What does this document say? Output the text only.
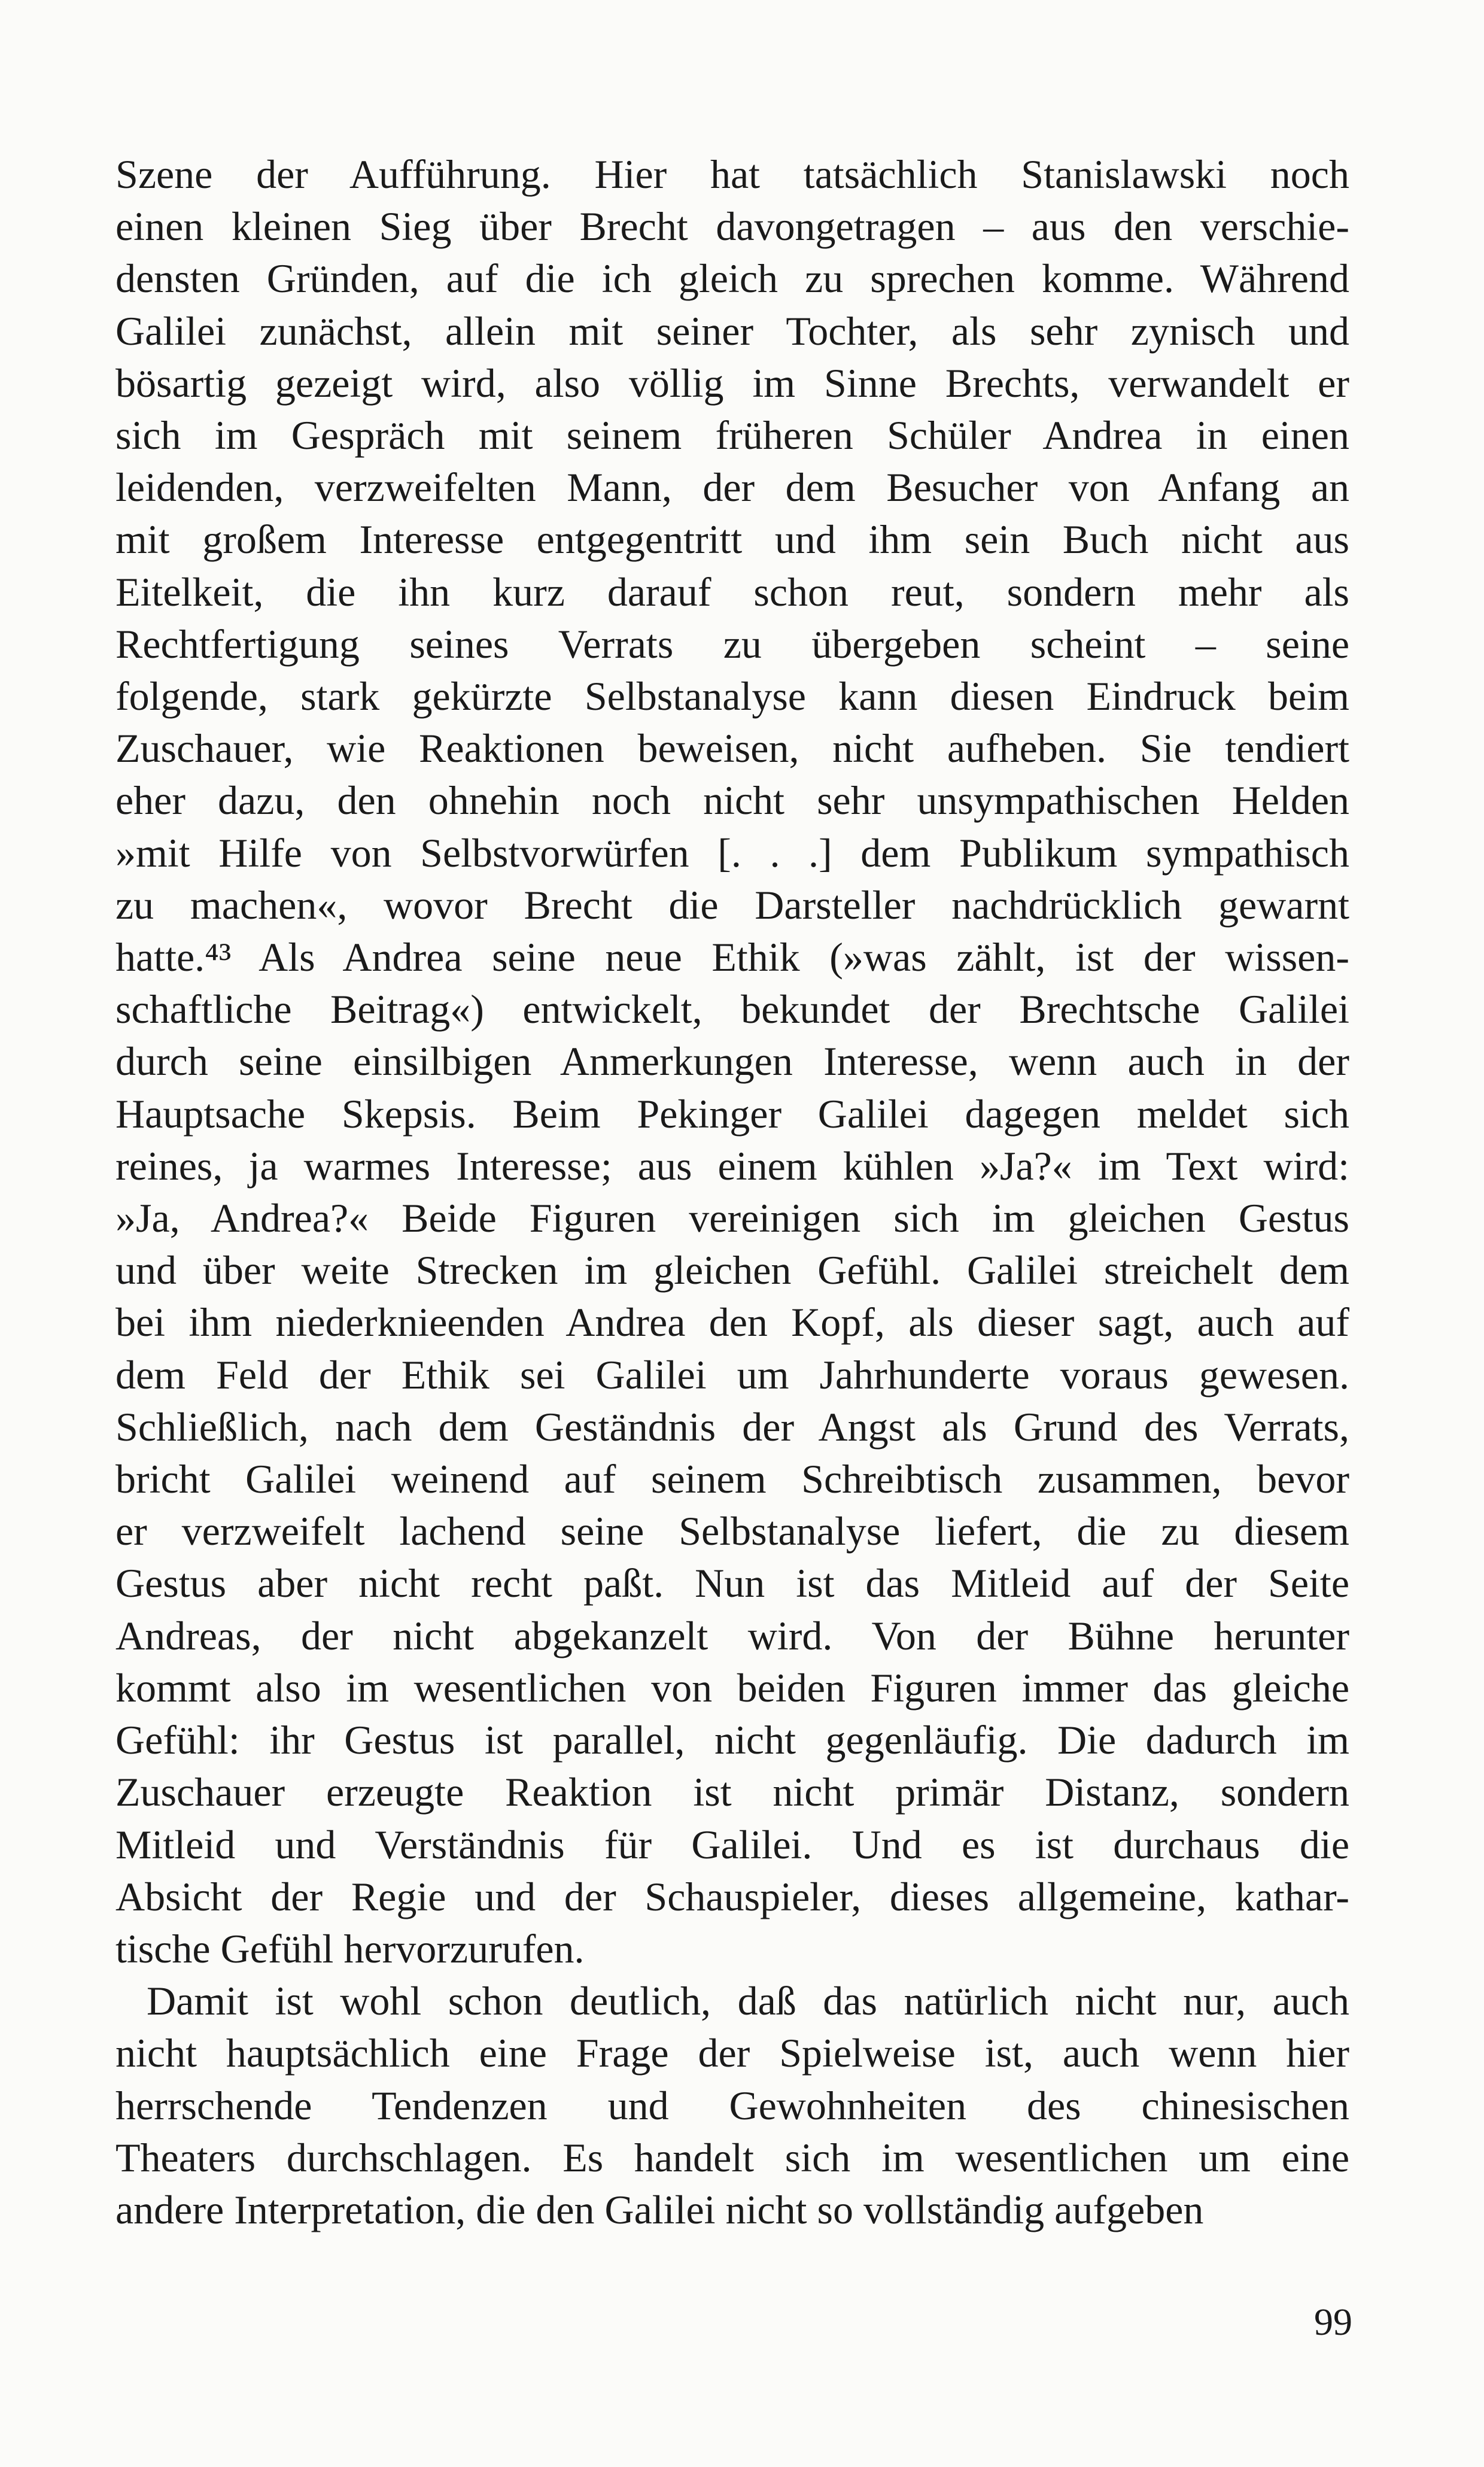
Szene der Aufführung. Hier hat tatsächlich Stanislawski noch
einen kleinen Sieg über Brecht davongetragen – aus den verschie-
densten Gründen, auf die ich gleich zu sprechen komme. Während
Galilei zunächst, allein mit seiner Tochter, als sehr zynisch und
bösartig gezeigt wird, also völlig im Sinne Brechts, verwandelt er
sich im Gespräch mit seinem früheren Schüler Andrea in einen
leidenden, verzweifelten Mann, der dem Besucher von Anfang an
mit großem Interesse entgegentritt und ihm sein Buch nicht aus
Eitelkeit, die ihn kurz darauf schon reut, sondern mehr als
Rechtfertigung seines Verrats zu übergeben scheint – seine
folgende, stark gekürzte Selbstanalyse kann diesen Eindruck beim
Zuschauer, wie Reaktionen beweisen, nicht aufheben. Sie tendiert
eher dazu, den ohnehin noch nicht sehr unsympathischen Helden
»mit Hilfe von Selbstvorwürfen [. . .] dem Publikum sympathisch
zu machen«, wovor Brecht die Darsteller nachdrücklich gewarnt
hatte.⁴³ Als Andrea seine neue Ethik (»was zählt, ist der wissen-
schaftliche Beitrag«) entwickelt, bekundet der Brechtsche Galilei
durch seine einsilbigen Anmerkungen Interesse, wenn auch in der
Hauptsache Skepsis. Beim Pekinger Galilei dagegen meldet sich
reines, ja warmes Interesse; aus einem kühlen »Ja?« im Text wird:
»Ja, Andrea?« Beide Figuren vereinigen sich im gleichen Gestus
und über weite Strecken im gleichen Gefühl. Galilei streichelt dem
bei ihm niederknieenden Andrea den Kopf, als dieser sagt, auch auf
dem Feld der Ethik sei Galilei um Jahrhunderte voraus gewesen.
Schließlich, nach dem Geständnis der Angst als Grund des Verrats,
bricht Galilei weinend auf seinem Schreibtisch zusammen, bevor
er verzweifelt lachend seine Selbstanalyse liefert, die zu diesem
Gestus aber nicht recht paßt. Nun ist das Mitleid auf der Seite
Andreas, der nicht abgekanzelt wird. Von der Bühne herunter
kommt also im wesentlichen von beiden Figuren immer das gleiche
Gefühl: ihr Gestus ist parallel, nicht gegenläufig. Die dadurch im
Zuschauer erzeugte Reaktion ist nicht primär Distanz, sondern
Mitleid und Verständnis für Galilei. Und es ist durchaus die
Absicht der Regie und der Schauspieler, dieses allgemeine, kathar-
tische Gefühl hervorzurufen.
Damit ist wohl schon deutlich, daß das natürlich nicht nur, auch
nicht hauptsächlich eine Frage der Spielweise ist, auch wenn hier
herrschende Tendenzen und Gewohnheiten des chinesischen
Theaters durchschlagen. Es handelt sich im wesentlichen um eine
andere Interpretation, die den Galilei nicht so vollständig aufgeben
99
